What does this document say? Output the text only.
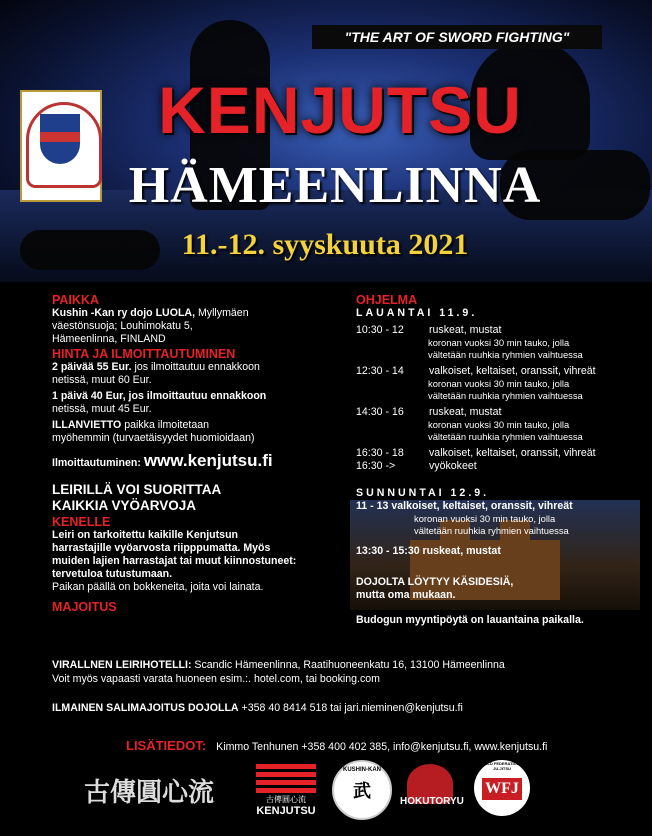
"THE ART OF SWORD FIGHTING"
KENJUTSU
HÄMEENLINNA
11.-12. syyskuuta 2021
PAIKKA
Kushin -Kan ry dojo LUOLA, Myllymäen
väestönsuoja; Louhimokatu 5,
Hämeenlinna, FINLAND
HINTA JA ILMOITTAUTUMINEN
2 päivää 55 Eur. jos ilmoittautuu ennakkoon
netissä, muut 60 Eur.
1 päivä 40 Eur, jos ilmoittautuu ennakkoon
netissä, muut 45 Eur.
ILLANVIETTO paikka ilmoitetaan
myöhemmin (turvaetäisyydet huomioidaan)
Ilmoittautuminen: www.kenjutsu.fi
LEIRILLÄ VOI SUORITTAA
KAIKKIA VYÖARVOJA
KENELLE
Leiri on tarkoitettu kaikille Kenjutsun
harrastajille vyöarvosta riipppumatta. Myös
muiden lajien harrastajat tai muut kiinnostuneet:
tervetuloa tutustumaan.
Paikan päällä on bokkeneita, joita voi lainata.
MAJOITUS
OHJELMA
LAUANTAI 11.9.
10:30 - 12	ruskeat, mustat
koronan vuoksi 30 min tauko, jolla
vältetään ruuhkia ryhmien vaihtuessa
12:30 - 14	valkoiset, keltaiset, oranssit, vihreät
koronan vuoksi 30 min tauko, jolla
vältetään ruuhkia ryhmien vaihtuessa
14:30 - 16	ruskeat, mustat
koronan vuoksi 30 min tauko, jolla
vältetään ruuhkia ryhmien vaihtuessa
16:30 - 18	valkoiset, keltaiset, oranssit, vihreät
16:30 ->	vyökokeet
SUNNUNTAI 12.9.
11 - 13 valkoiset, keltaiset, oranssit, vihreät
koronan vuoksi 30 min tauko, jolla
vältetään ruuhkia ryhmien vaihtuessa
13:30 - 15:30 ruskeat, mustat
DOJOLTA LÖYTYY KÄSIDESIÄ,
mutta oma mukaan.
Budogun myyntipöytä on lauantaina paikalla.
VIRALLNEN LEIRIHOTELLI: Scandic Hämeenlinna, Raatihuoneenkatu 16, 13100 Hämeenlinna
Voit myös vapaasti varata huoneen esim.:. hotel.com, tai booking.com
ILMAINEN SALIMAJOITUS DOJOLLA +358 40 8414 518 tai jari.nieminen@kenjutsu.fi
LISÄTIEDOT: Kimmo Tenhunen +358 400 402 385, info@kenjutsu.fi, www.kenjutsu.fi
古傳圓心流	古傳圓心流
KENJUTSU
KUSHIN-KAN
武	HOKUTORYU
WORLD FEDERATION OF JU-JITSU
WFJ
